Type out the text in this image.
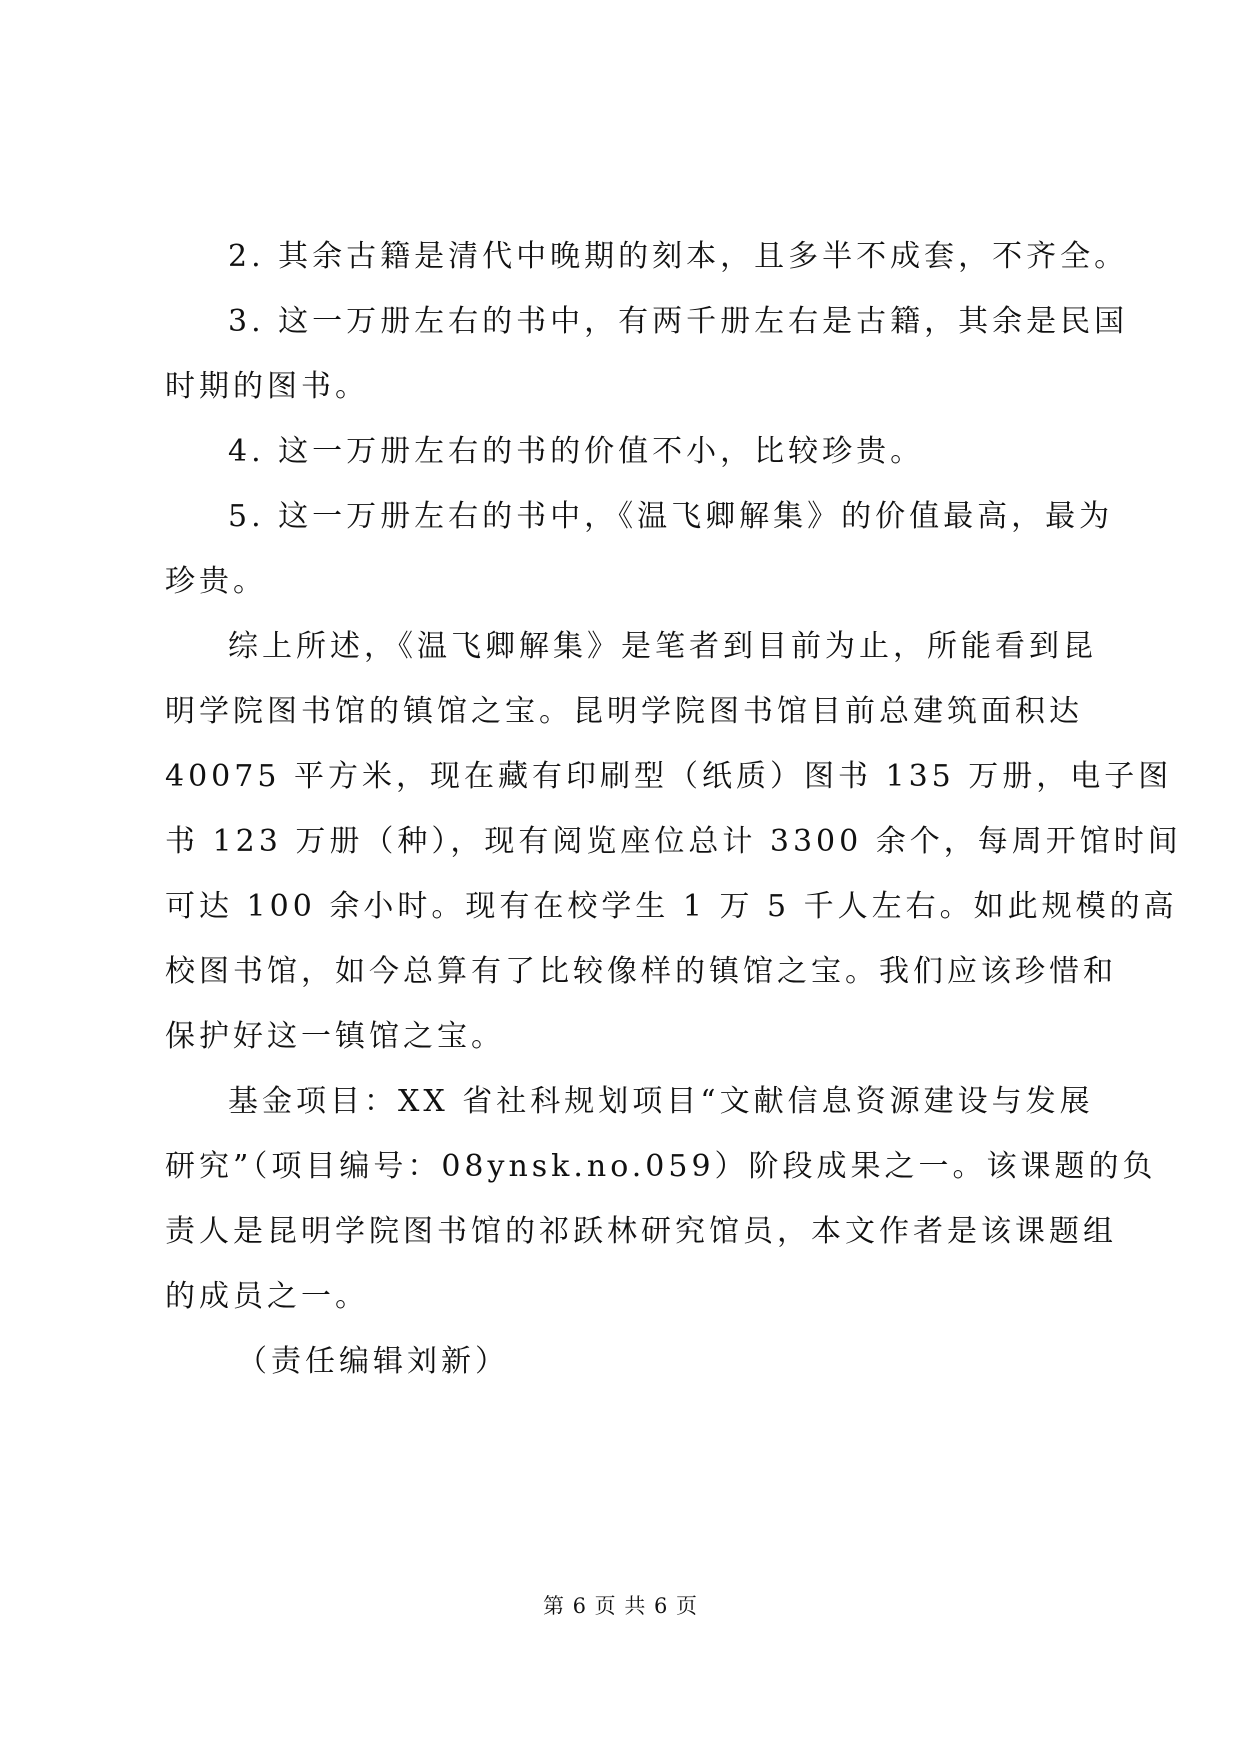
2. 其余古籍是清代中晚期的刻本，且多半不成套，不齐全。
3. 这一万册左右的书中，有两千册左右是古籍，其余是民国
时期的图书。
4. 这一万册左右的书的价值不小，比较珍贵。
5. 这一万册左右的书中，《温飞卿解集》的价值最高，最为
珍贵。
综上所述，《温飞卿解集》是笔者到目前为止，所能看到昆
明学院图书馆的镇馆之宝。昆明学院图书馆目前总建筑面积达
40075 平方米，现在藏有印刷型（纸质）图书 135 万册，电子图
书 123 万册（种），现有阅览座位总计 3300 余个，每周开馆时间
可达 100 余小时。现有在校学生 1 万 5 千人左右。如此规模的高
校图书馆，如今总算有了比较像样的镇馆之宝。我们应该珍惜和
保护好这一镇馆之宝。
基金项目：XX 省社科规划项目“文献信息资源建设与发展
研究”（项目编号：08ynsk.no.059）阶段成果之一。该课题的负
责人是昆明学院图书馆的祁跃林研究馆员，本文作者是该课题组
的成员之一。
（责任编辑刘新）
第 6 页 共 6 页
